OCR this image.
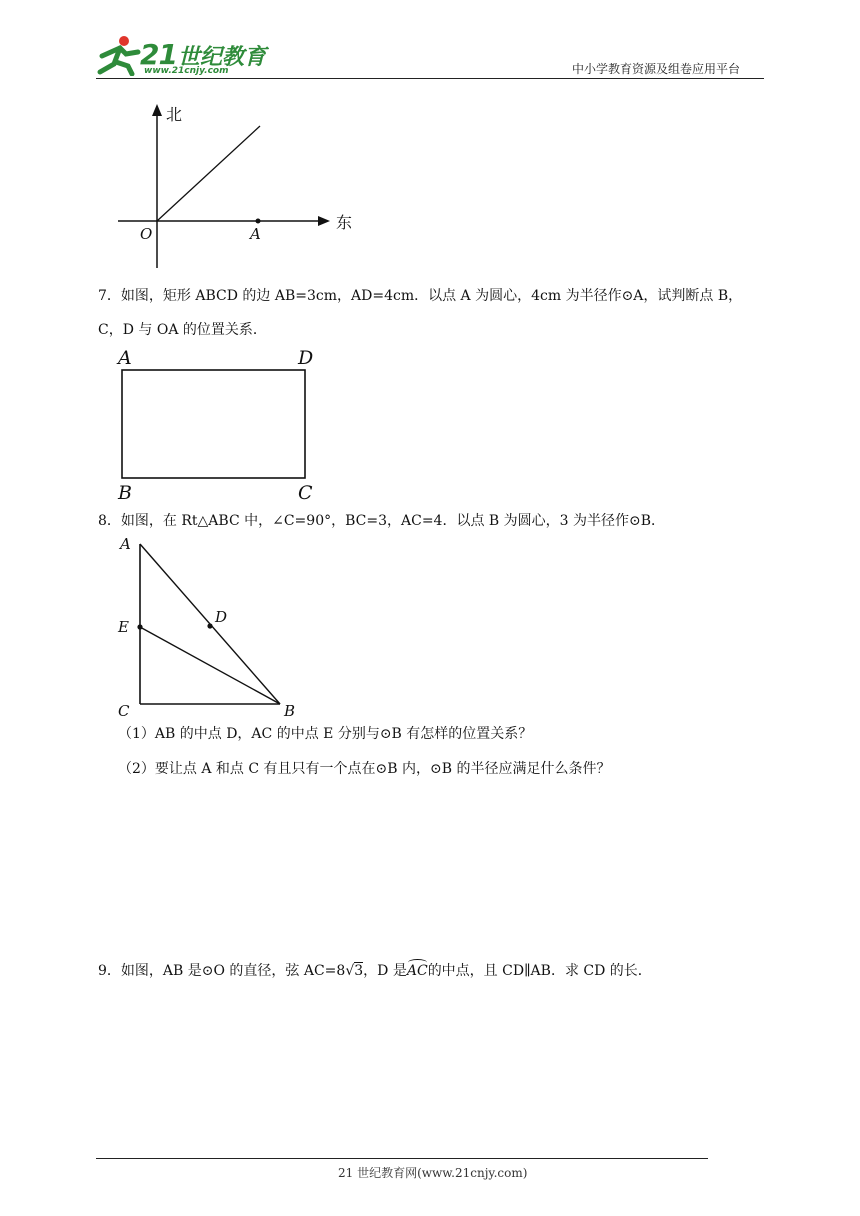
21 世纪教育
www.21cnjy.com	中小学教育资源及组卷应用平台
北
东
O	A
7．如图，矩形 ABCD 的边 AB=3cm，AD=4cm．以点 A 为圆心，4cm 为半径作⊙A，试判断点 B，
C，D 与 OA 的位置关系．
A	D
B	C
8．如图，在 Rt△ABC 中，∠C=90°，BC=3，AC=4．以点 B 为圆心，3 为半径作⊙B．
A
E
D
C	B
（1）AB 的中点 D，AC 的中点 E 分别与⊙B 有怎样的位置关系？
（2）要让点 A 和点 C 有且只有一个点在⊙B 内，⊙B 的半径应满足什么条件？
9．如图，AB 是⊙O 的直径，弦 AC=8√3，D 是AC的中点，且 CD∥AB．求 CD 的长．
21 世纪教育网(www.21cnjy.com)
